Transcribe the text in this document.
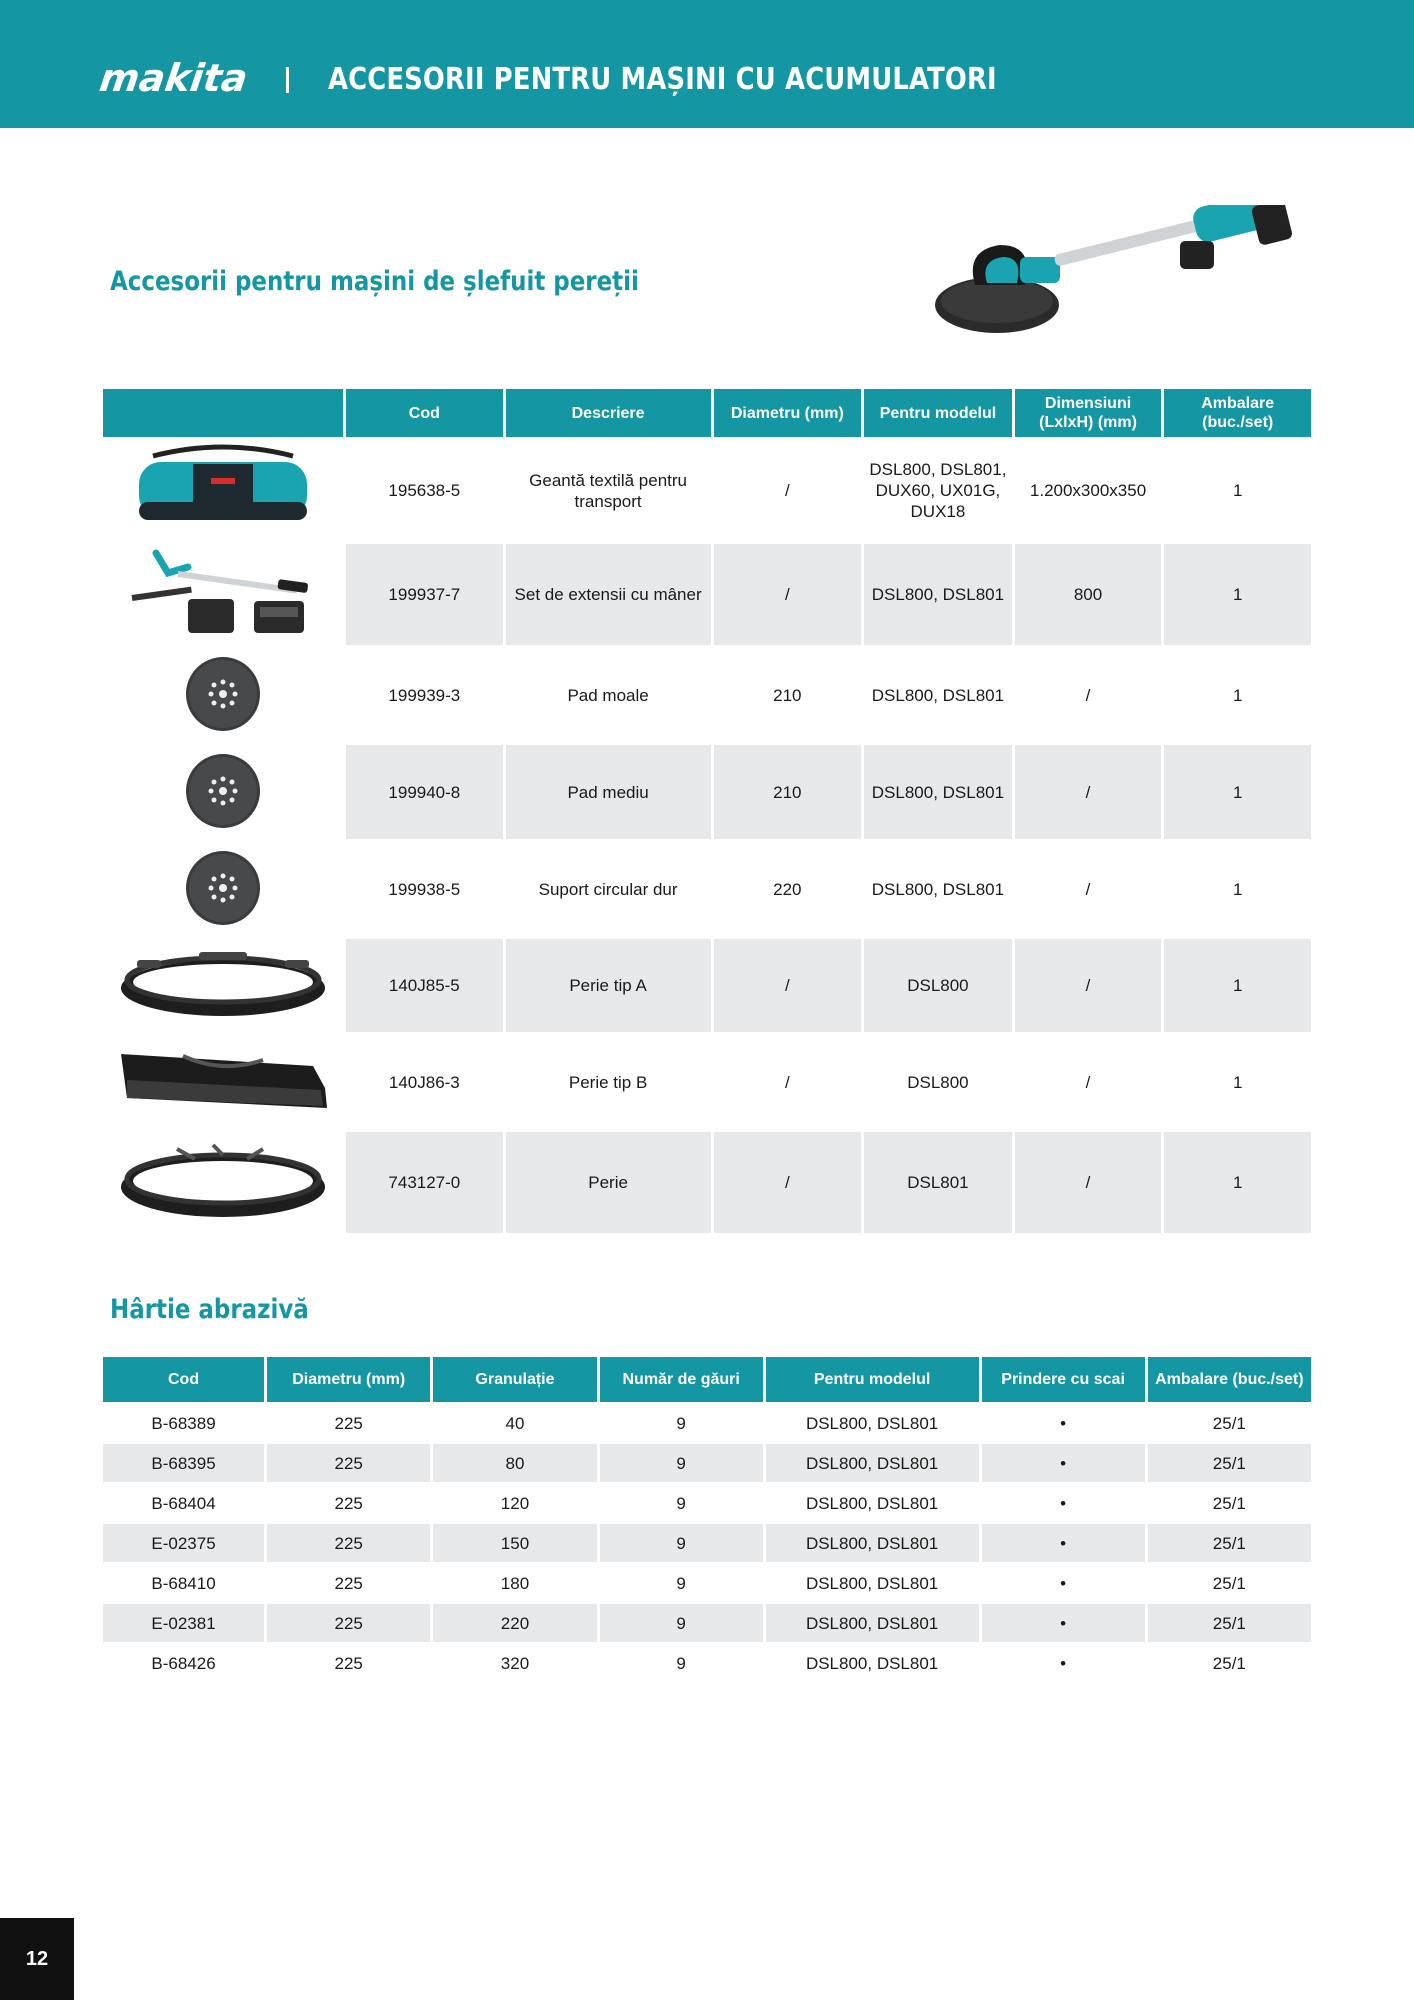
makita	ACCESORII PENTRU MAȘINI CU ACUMULATORI
Accesorii pentru mașini de șlefuit pereții
	Cod	Descriere	Diametru (mm)	Pentru modelul	Dimensiuni (LxlxH) (mm)	Ambalare (buc./set)

	195638-5	Geantă textilă pentru transport	/	DSL800, DSL801, DUX60, UX01G, DUX18	1.200x300x350	1

	199937-7	Set de extensii cu mâner	/	DSL800, DSL801	800	1

	199939-3	Pad moale	210	DSL800, DSL801	/	1

	199940-8	Pad mediu	210	DSL800, DSL801	/	1

	199938-5	Suport circular dur	220	DSL800, DSL801	/	1

	140J85-5	Perie tip A	/	DSL800	/	1

	140J86-3	Perie tip B	/	DSL800	/	1

	743127-0	Perie	/	DSL801	/	1
Hârtie abrazivă
Cod	Diametru (mm)	Granulație	Număr de găuri	Pentru modelul	Prindere cu scai	Ambalare (buc./set)
B-68389	225	40	9	DSL800, DSL801	•	25/1
B-68395	225	80	9	DSL800, DSL801	•	25/1
B-68404	225	120	9	DSL800, DSL801	•	25/1
E-02375	225	150	9	DSL800, DSL801	•	25/1
B-68410	225	180	9	DSL800, DSL801	•	25/1
E-02381	225	220	9	DSL800, DSL801	•	25/1
B-68426	225	320	9	DSL800, DSL801	•	25/1
12
